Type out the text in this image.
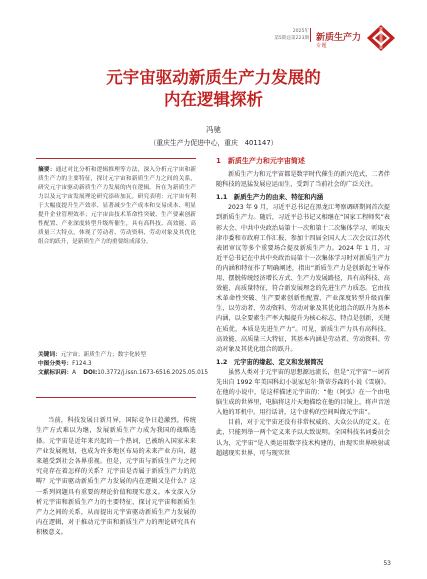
2025年
第5期总第223期 新质生产力
专题
元宇宙驱动新质生产力发展的
内在逻辑探析
冯驰
（重庆生产力促进中心，重庆　401147）
摘要：通过对比分析和逻辑推理等方法，深入分析元宇宙和新质生产力的主要特征，探讨元宇宙和新质生产力之间的关系，研究元宇宙驱动新质生产力发展的内在逻辑。旨在为新质生产力以及元宇宙发展理论研究添砖加瓦。研究表明：元宇宙有利于大幅度提升生产效率、显著减少生产成本和交易成本、明显提升企业管理效率；元宇宙由技术革命性突破、生产要素创新性配置、产业深度转型升级所催生，具有高科技、高效能、高质量三大特点，体现了劳动者、劳动资料、劳动对象及其优化组合的跃升，是新质生产力的重要组成部分。
关键词：元宇宙；新质生产力；数字化转型
中图分类号：F124.3
文献标识码：A DOI:10.3772/j.issn.1673-6516.2025.05.015

当前，科技发展日新月异，国际竞争日趋激烈，传统生产方式难以为继，发展新质生产力成为我国的战略选择。元宇宙是近年来兴起的一个热词，已被纳入国家未来产业发展规划，也成为许多地区布局的未来产业方向，越来越受到社会各界重视。但是，元宇宙与新质生产力之间究竟存在着怎样的关系？元宇宙是否属于新质生产力的范畴？元宇宙驱动新质生产力发展的内在逻辑又是什么？这一系列问题具有重要的理论价值和现实意义。本文深入分析元宇宙和新质生产力的主要特征，探讨元宇宙和新质生产力之间的关系，从而提出元宇宙驱动新质生产力发展的内在逻辑，对于推动元宇宙和新质生产力的理论研究具有积极意义。

1　新质生产力和元宇宙简述

新质生产力和元宇宙都是数字时代催生的新兴范式，二者伴随科技的迅猛发展应运而生，受到了当前社会的广泛关注。

1.1　新质生产力的由来、特征和内涵

2023 年 9 月，习近平总书记在黑龙江考察调研期间首次提到新质生产力。随后，习近平总书记又相继在“国家工程师奖”表彰大会、中共中央政治局第十一次和第十二次集体学习、听取天津市委和市政府工作汇报、参加十四届全国人大二次会议江苏代表团审议等多个重要场合提及新质生产力。2024 年 1 月，习近平总书记在中共中央政治局第十一次集体学习时对新质生产力的内涵和特征作了明确阐述，指出“新质生产力是创新起主导作用，摆脱传统经济增长方式、生产力发展路径，具有高科技、高效能、高质量特征，符合新发展理念的先进生产力质态。它由技术革命性突破、生产要素创新性配置、产业深度转型升级而催生，以劳动者、劳动资料、劳动对象及其优化组合的跃升为基本内涵，以全要素生产率大幅提升为核心标志，特点是创新，关键在质优，本质是先进生产力”。可见，新质生产力具有高科技、高效能、高质量三大特征，其基本内涵是劳动者、劳动资料、劳动对象及其优化组合的跃升。

1.2　元宇宙的缘起、定义和发展简况

虽然人类对于元宇宙的思想源远流长，但是“元宇宙”一词首先出自 1992 年美国科幻小说家尼尔·斯蒂芬森的小说《雪崩》。在他的小说中，是这样描述元宇宙的：“他（阿弘）在一个由电脑生成的世界里，电脑将这片天地描绘在他的目镜上，将声音送入他的耳机中。用行话讲，这个虚构的空间叫做元宇宙”。

目前，对于元宇宙还没有非常权威的、大众公认的定义。在此，只能列举一两个定义来予以大致说明。全国科技名词委员会认为，元宇宙“是人类运用数字技术构建的，由现实世界映射或超越现实世界，可与现实世

53
